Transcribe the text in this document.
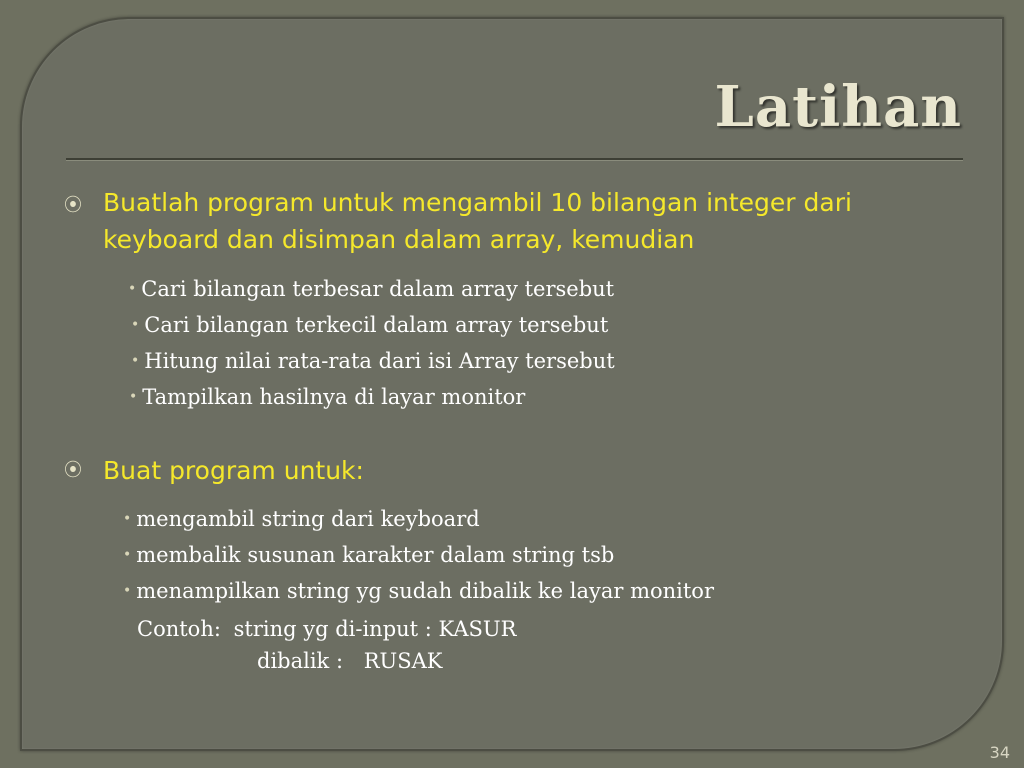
Latihan
⦿ Buatlah program untuk mengambil 10 bilangan integer dari keyboard dan disimpan dalam array, kemudian

• Cari bilangan terbesar dalam array tersebut
• Cari bilangan terkecil dalam array tersebut
• Hitung nilai rata-rata dari isi Array tersebut
• Tampilkan hasilnya di layar monitor
⦿ Buat program untuk:

• mengambil string dari keyboard
• membalik susunan karakter dalam string tsb
• menampilkan string yg sudah dibalik ke layar monitor
Contoh: string yg di-input : KASUR
dibalik : RUSAK
34
